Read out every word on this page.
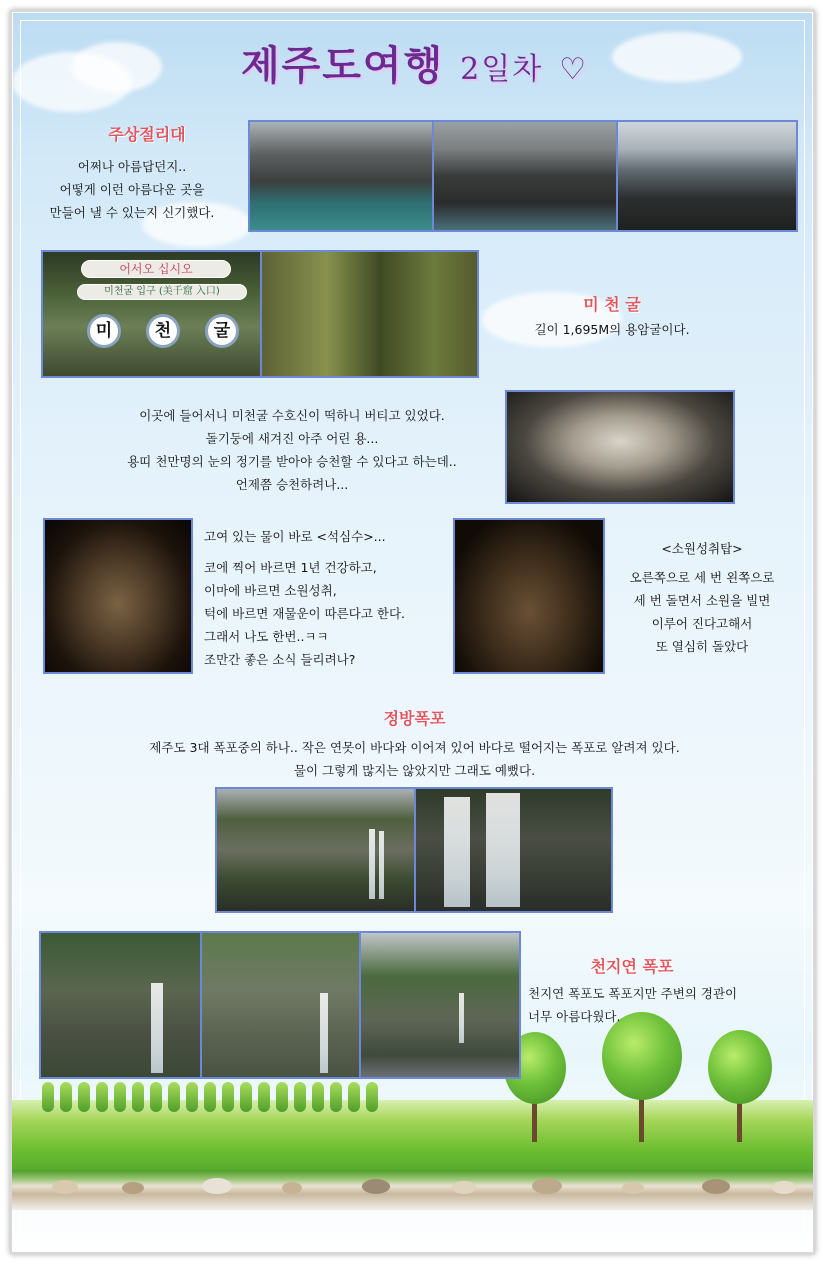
제주도여행 2일차 ♡
주상절리대
어쩌나 아름답던지..
어떻게 이런 아름다운 곳을
만들어 낼 수 있는지 신기했다.
어서오 십시오
미천굴 입구 (美千窟 入口)
미	천	굴
미 천 굴
길이 1,695M의 용암굴이다.
이곳에 들어서니 미천굴 수호신이 떡하니 버티고 있었다.
돌기둥에 새겨진 아주 어린 용...
용띠 천만명의 눈의 정기를 받아야 승천할 수 있다고 하는데..
언제쯤 승천하려나...
고여 있는 물이 바로 <석심수>...
코에 찍어 바르면 1년 건강하고,
이마에 바르면 소원성취,
턱에 바르면 재물운이 따른다고 한다.
그래서 나도 한번..ㅋㅋ
조만간 좋은 소식 들리려나?
<소원성취탑>
오른쪽으로 세 번 왼쪽으로
세 번 돌면서 소원을 빌면
이루어 진다고해서
또 열심히 돌았다
정방폭포
제주도 3대 폭포중의 하나.. 작은 연못이 바다와 이어져 있어 바다로 떨어지는 폭포로 알려져 있다.
물이 그렇게 많지는 않았지만 그래도 예뻤다.
천지연 폭포
천지연 폭포도 폭포지만 주변의 경관이
너무 아름다웠다.
